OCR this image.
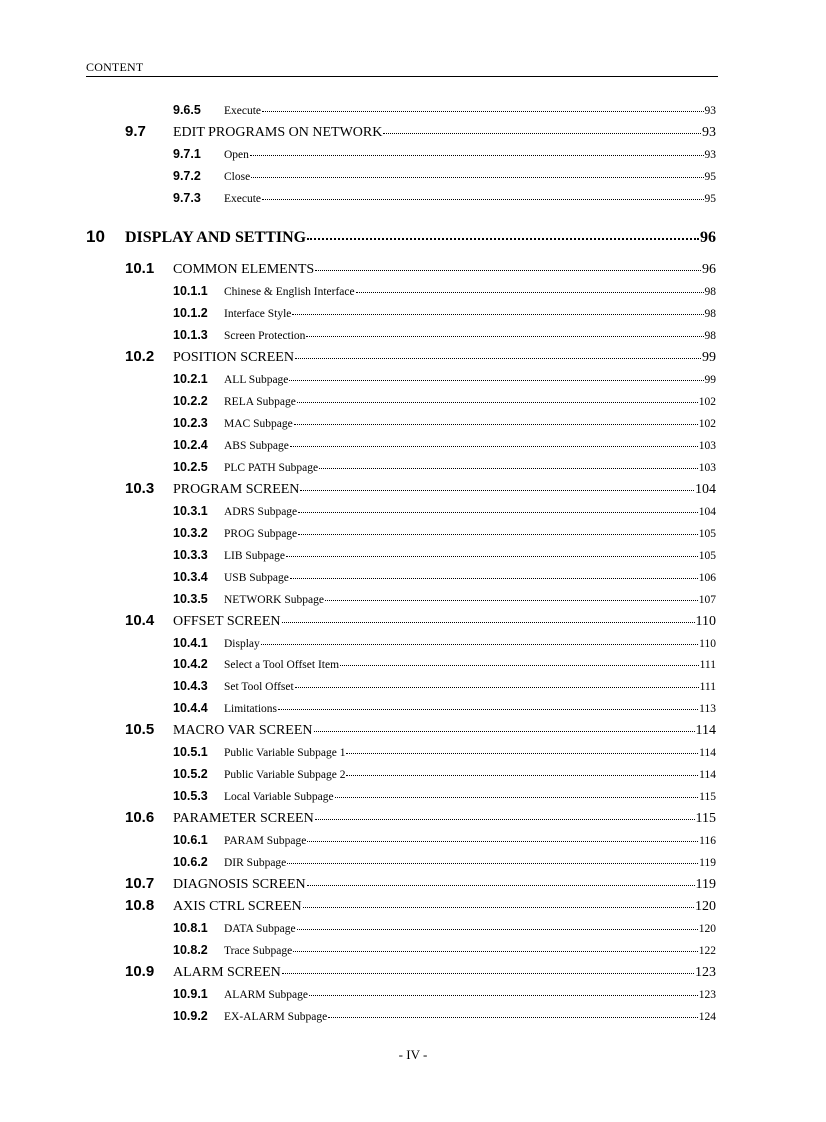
CONTENT
9.6.5	Execute	93
9.7	EDIT PROGRAMS ON NETWORK	93
9.7.1	Open	93
9.7.2	Close	95
9.7.3	Execute	95
10	DISPLAY AND SETTING	96
10.1	COMMON ELEMENTS	96
10.1.1	Chinese & English Interface	98
10.1.2	Interface Style	98
10.1.3	Screen Protection	98
10.2	POSITION SCREEN	99
10.2.1	ALL Subpage	99
10.2.2	RELA Subpage	102
10.2.3	MAC Subpage	102
10.2.4	ABS Subpage	103
10.2.5	PLC PATH Subpage	103
10.3	PROGRAM SCREEN	104
10.3.1	ADRS Subpage	104
10.3.2	PROG Subpage	105
10.3.3	LIB Subpage	105
10.3.4	USB Subpage	106
10.3.5	NETWORK Subpage	107
10.4	OFFSET SCREEN	110
10.4.1	Display	110
10.4.2	Select a Tool Offset Item	111
10.4.3	Set Tool Offset	111
10.4.4	Limitations	113
10.5	MACRO VAR SCREEN	114
10.5.1	Public Variable Subpage 1	114
10.5.2	Public Variable Subpage 2	114
10.5.3	Local Variable Subpage	115
10.6	PARAMETER SCREEN	115
10.6.1	PARAM Subpage	116
10.6.2	DIR Subpage	119
10.7	DIAGNOSIS SCREEN	119
10.8	AXIS CTRL SCREEN	120
10.8.1	DATA Subpage	120
10.8.2	Trace Subpage	122
10.9	ALARM SCREEN	123
10.9.1	ALARM Subpage	123
10.9.2	EX-ALARM Subpage	124
- IV -
